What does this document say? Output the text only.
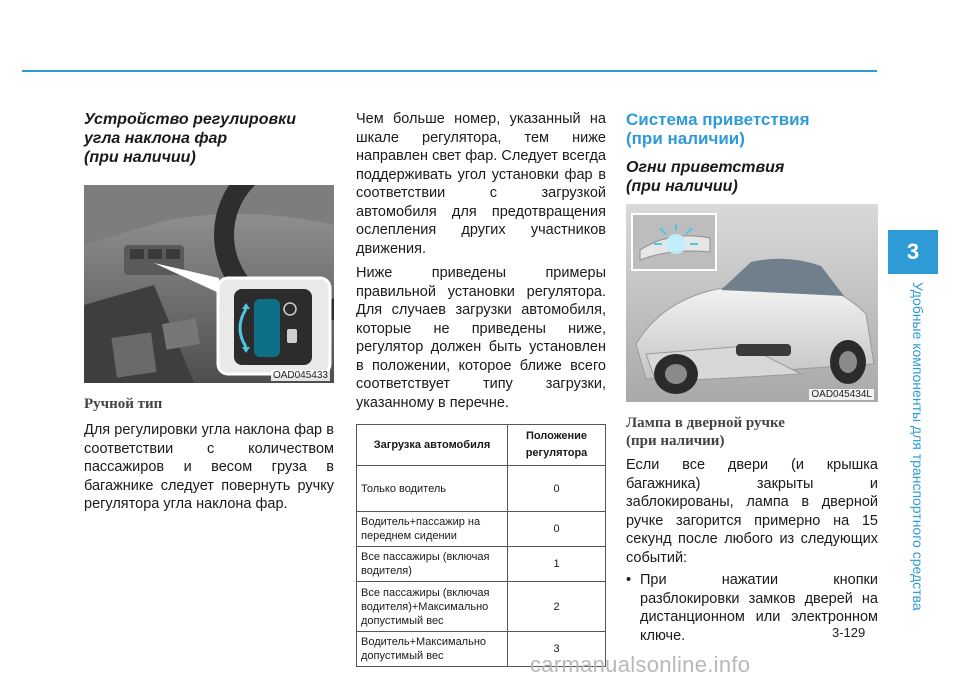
3
Удобные компоненты для транспортного средства
Устройство регулировки
угла наклона фар
(при наличии)
OAD045433
Ручной тип
Для регулировки угла наклона фар в соответствии с количеством пассажиров и весом груза в багажнике следует повернуть ручку регулятора угла наклона фар.
Чем больше номер, указанный на шкале регулятора, тем ниже направлен свет фар. Следует всегда поддерживать угол установки фар в соответствии с загрузкой автомобиля для предотвращения ослепления других участников движения.
Ниже приведены примеры правильной установки регулятора. Для случаев загрузки автомобиля, которые не приведены ниже, регулятор должен быть установлен в положении, которое ближе всего соответствует типу загрузки, указанному в перечне.
Загрузка автомобиля	Положение регулятора
Только водитель	0
Водитель+пассажир на переднем сидении	0
Все пассажиры (включая водителя)	1
Все пассажиры (включая водителя)+Максимально допустимый вес	2
Водитель+Максимально допустимый вес	3
Система приветствия
(при наличии)
Огни приветствия
(при наличии)
OAD045434L
Лампа в дверной ручке
(при наличии)
Если все двери (и крышка багажника) закрыты и заблокированы, лампа в дверной ручке загорится примерно на 15 секунд после любого из следующих событий:
• При нажатии кнопки разблокировки замков дверей на дистанционном или электронном ключе.	3-129
carmanualsonline.info
